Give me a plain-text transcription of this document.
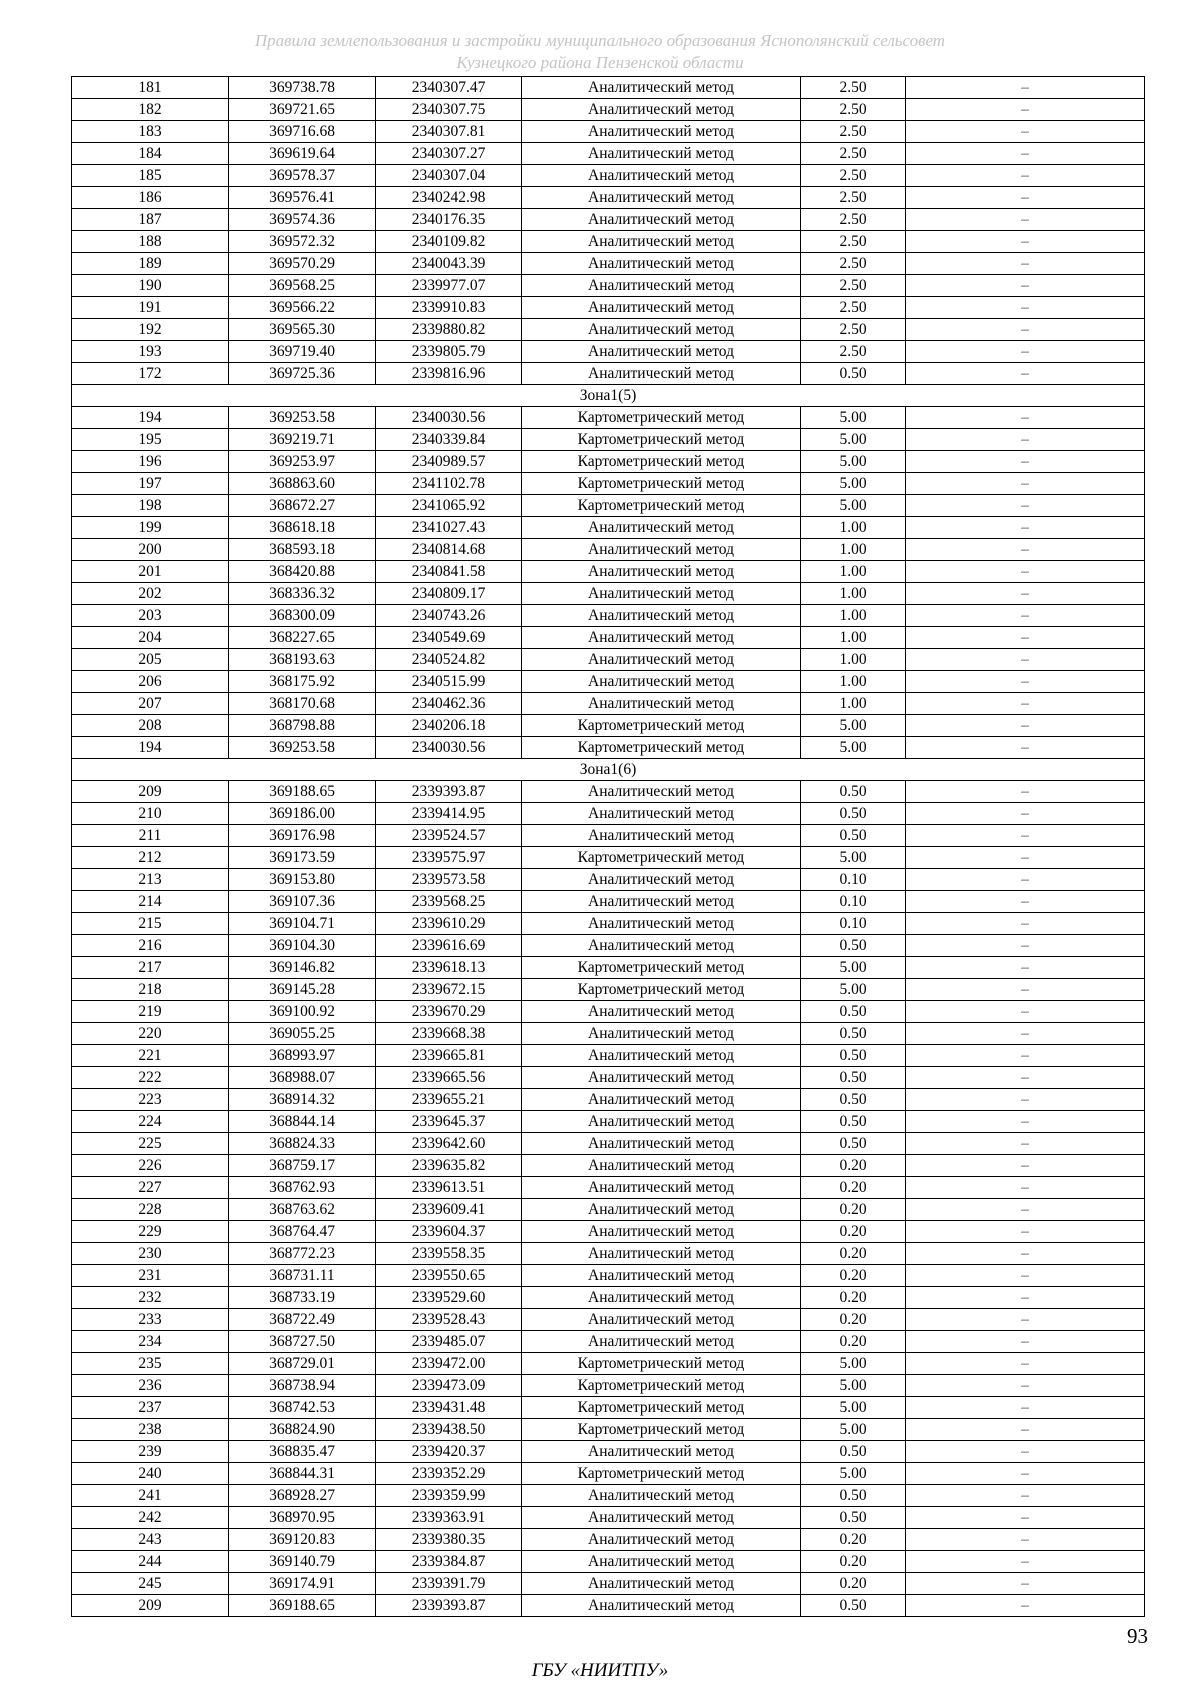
Правила землепользования и застройки муниципального образования Яснополянский сельсовет
Кузнецкого района Пензенской области
181	369738.78	2340307.47	Аналитический метод	2.50	–
182	369721.65	2340307.75	Аналитический метод	2.50	–
183	369716.68	2340307.81	Аналитический метод	2.50	–
184	369619.64	2340307.27	Аналитический метод	2.50	–
185	369578.37	2340307.04	Аналитический метод	2.50	–
186	369576.41	2340242.98	Аналитический метод	2.50	–
187	369574.36	2340176.35	Аналитический метод	2.50	–
188	369572.32	2340109.82	Аналитический метод	2.50	–
189	369570.29	2340043.39	Аналитический метод	2.50	–
190	369568.25	2339977.07	Аналитический метод	2.50	–
191	369566.22	2339910.83	Аналитический метод	2.50	–
192	369565.30	2339880.82	Аналитический метод	2.50	–
193	369719.40	2339805.79	Аналитический метод	2.50	–
172	369725.36	2339816.96	Аналитический метод	0.50	–
Зона1(5)					
194	369253.58	2340030.56	Картометрический метод	5.00	–
195	369219.71	2340339.84	Картометрический метод	5.00	–
196	369253.97	2340989.57	Картометрический метод	5.00	–
197	368863.60	2341102.78	Картометрический метод	5.00	–
198	368672.27	2341065.92	Картометрический метод	5.00	–
199	368618.18	2341027.43	Аналитический метод	1.00	–
200	368593.18	2340814.68	Аналитический метод	1.00	–
201	368420.88	2340841.58	Аналитический метод	1.00	–
202	368336.32	2340809.17	Аналитический метод	1.00	–
203	368300.09	2340743.26	Аналитический метод	1.00	–
204	368227.65	2340549.69	Аналитический метод	1.00	–
205	368193.63	2340524.82	Аналитический метод	1.00	–
206	368175.92	2340515.99	Аналитический метод	1.00	–
207	368170.68	2340462.36	Аналитический метод	1.00	–
208	368798.88	2340206.18	Картометрический метод	5.00	–
194	369253.58	2340030.56	Картометрический метод	5.00	–
Зона1(6)					
209	369188.65	2339393.87	Аналитический метод	0.50	–
210	369186.00	2339414.95	Аналитический метод	0.50	–
211	369176.98	2339524.57	Аналитический метод	0.50	–
212	369173.59	2339575.97	Картометрический метод	5.00	–
213	369153.80	2339573.58	Аналитический метод	0.10	–
214	369107.36	2339568.25	Аналитический метод	0.10	–
215	369104.71	2339610.29	Аналитический метод	0.10	–
216	369104.30	2339616.69	Аналитический метод	0.50	–
217	369146.82	2339618.13	Картометрический метод	5.00	–
218	369145.28	2339672.15	Картометрический метод	5.00	–
219	369100.92	2339670.29	Аналитический метод	0.50	–
220	369055.25	2339668.38	Аналитический метод	0.50	–
221	368993.97	2339665.81	Аналитический метод	0.50	–
222	368988.07	2339665.56	Аналитический метод	0.50	–
223	368914.32	2339655.21	Аналитический метод	0.50	–
224	368844.14	2339645.37	Аналитический метод	0.50	–
225	368824.33	2339642.60	Аналитический метод	0.50	–
226	368759.17	2339635.82	Аналитический метод	0.20	–
227	368762.93	2339613.51	Аналитический метод	0.20	–
228	368763.62	2339609.41	Аналитический метод	0.20	–
229	368764.47	2339604.37	Аналитический метод	0.20	–
230	368772.23	2339558.35	Аналитический метод	0.20	–
231	368731.11	2339550.65	Аналитический метод	0.20	–
232	368733.19	2339529.60	Аналитический метод	0.20	–
233	368722.49	2339528.43	Аналитический метод	0.20	–
234	368727.50	2339485.07	Аналитический метод	0.20	–
235	368729.01	2339472.00	Картометрический метод	5.00	–
236	368738.94	2339473.09	Картометрический метод	5.00	–
237	368742.53	2339431.48	Картометрический метод	5.00	–
238	368824.90	2339438.50	Картометрический метод	5.00	–
239	368835.47	2339420.37	Аналитический метод	0.50	–
240	368844.31	2339352.29	Картометрический метод	5.00	–
241	368928.27	2339359.99	Аналитический метод	0.50	–
242	368970.95	2339363.91	Аналитический метод	0.50	–
243	369120.83	2339380.35	Аналитический метод	0.20	–
244	369140.79	2339384.87	Аналитический метод	0.20	–
245	369174.91	2339391.79	Аналитический метод	0.20	–
209	369188.65	2339393.87	Аналитический метод	0.50	–
93
ГБУ «НИИТПУ»
